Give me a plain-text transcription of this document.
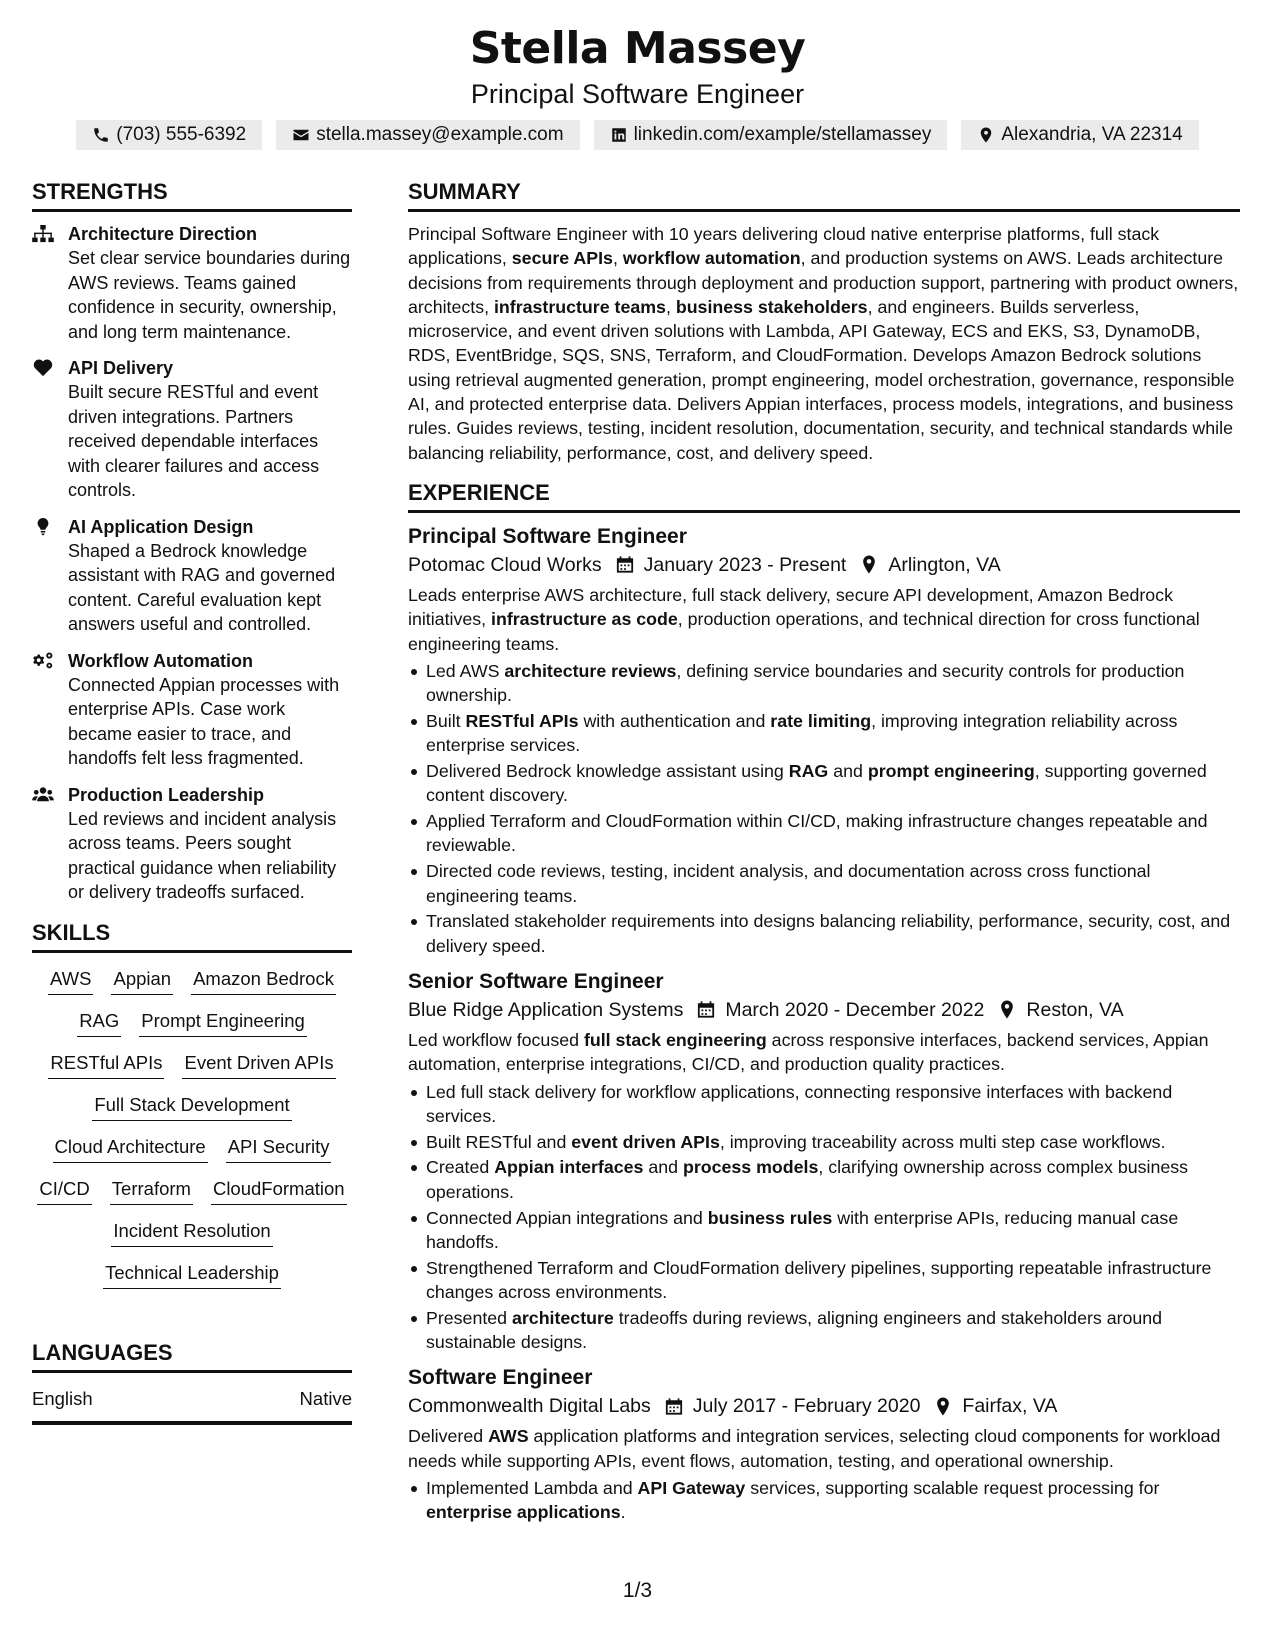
Stella Massey
Principal Software Engineer
(703) 555-6392	stella.massey@example.com	linkedin.com/example/stellamassey	Alexandria, VA 22314
STRENGTHS
Architecture Direction
Set clear service boundaries during AWS reviews. Teams gained confidence in security, ownership, and long term maintenance.
API Delivery
Built secure RESTful and event driven integrations. Partners received dependable interfaces with clearer failures and access controls.
AI Application Design
Shaped a Bedrock knowledge assistant with RAG and governed content. Careful evaluation kept answers useful and controlled.
Workflow Automation
Connected Appian processes with enterprise APIs. Case work became easier to trace, and handoffs felt less fragmented.
Production Leadership
Led reviews and incident analysis across teams. Peers sought practical guidance when reliability or delivery tradeoffs surfaced.
SKILLS
AWS Appian Amazon Bedrock
RAG Prompt Engineering
RESTful APIs Event Driven APIs
Full Stack Development
Cloud Architecture API Security
CI/CD Terraform CloudFormation
Incident Resolution
Technical Leadership
LANGUAGES
English	Native
SUMMARY
Principal Software Engineer with 10 years delivering cloud native enterprise platforms, full stack applications, secure APIs, workflow automation, and production systems on AWS. Leads architecture decisions from requirements through deployment and production support, partnering with product owners, architects, infrastructure teams, business stakeholders, and engineers. Builds serverless, microservice, and event driven solutions with Lambda, API Gateway, ECS and EKS, S3, DynamoDB, RDS, EventBridge, SQS, SNS, Terraform, and CloudFormation. Develops Amazon Bedrock solutions using retrieval augmented generation, prompt engineering, model orchestration, governance, responsible AI, and protected enterprise data. Delivers Appian interfaces, process models, integrations, and business rules. Guides reviews, testing, incident resolution, documentation, security, and technical standards while balancing reliability, performance, cost, and delivery speed.
EXPERIENCE
Principal Software Engineer
Potomac Cloud Works January 2023 - Present Arlington, VA
Leads enterprise AWS architecture, full stack delivery, secure API development, Amazon Bedrock initiatives, infrastructure as code, production operations, and technical direction for cross functional engineering teams.
Led AWS architecture reviews, defining service boundaries and security controls for production ownership.
Built RESTful APIs with authentication and rate limiting, improving integration reliability across enterprise services.
Delivered Bedrock knowledge assistant using RAG and prompt engineering, supporting governed content discovery.
Applied Terraform and CloudFormation within CI/CD, making infrastructure changes repeatable and reviewable.
Directed code reviews, testing, incident analysis, and documentation across cross functional engineering teams.
Translated stakeholder requirements into designs balancing reliability, performance, security, cost, and delivery speed.
Senior Software Engineer
Blue Ridge Application Systems March 2020 - December 2022 Reston, VA
Led workflow focused full stack engineering across responsive interfaces, backend services, Appian automation, enterprise integrations, CI/CD, and production quality practices.
Led full stack delivery for workflow applications, connecting responsive interfaces with backend services.
Built RESTful and event driven APIs, improving traceability across multi step case workflows.
Created Appian interfaces and process models, clarifying ownership across complex business operations.
Connected Appian integrations and business rules with enterprise APIs, reducing manual case handoffs.
Strengthened Terraform and CloudFormation delivery pipelines, supporting repeatable infrastructure changes across environments.
Presented architecture tradeoffs during reviews, aligning engineers and stakeholders around sustainable designs.
Software Engineer
Commonwealth Digital Labs July 2017 - February 2020 Fairfax, VA
Delivered AWS application platforms and integration services, selecting cloud components for workload needs while supporting APIs, event flows, automation, testing, and operational ownership.
Implemented Lambda and API Gateway services, supporting scalable request processing for enterprise applications.
1/3
